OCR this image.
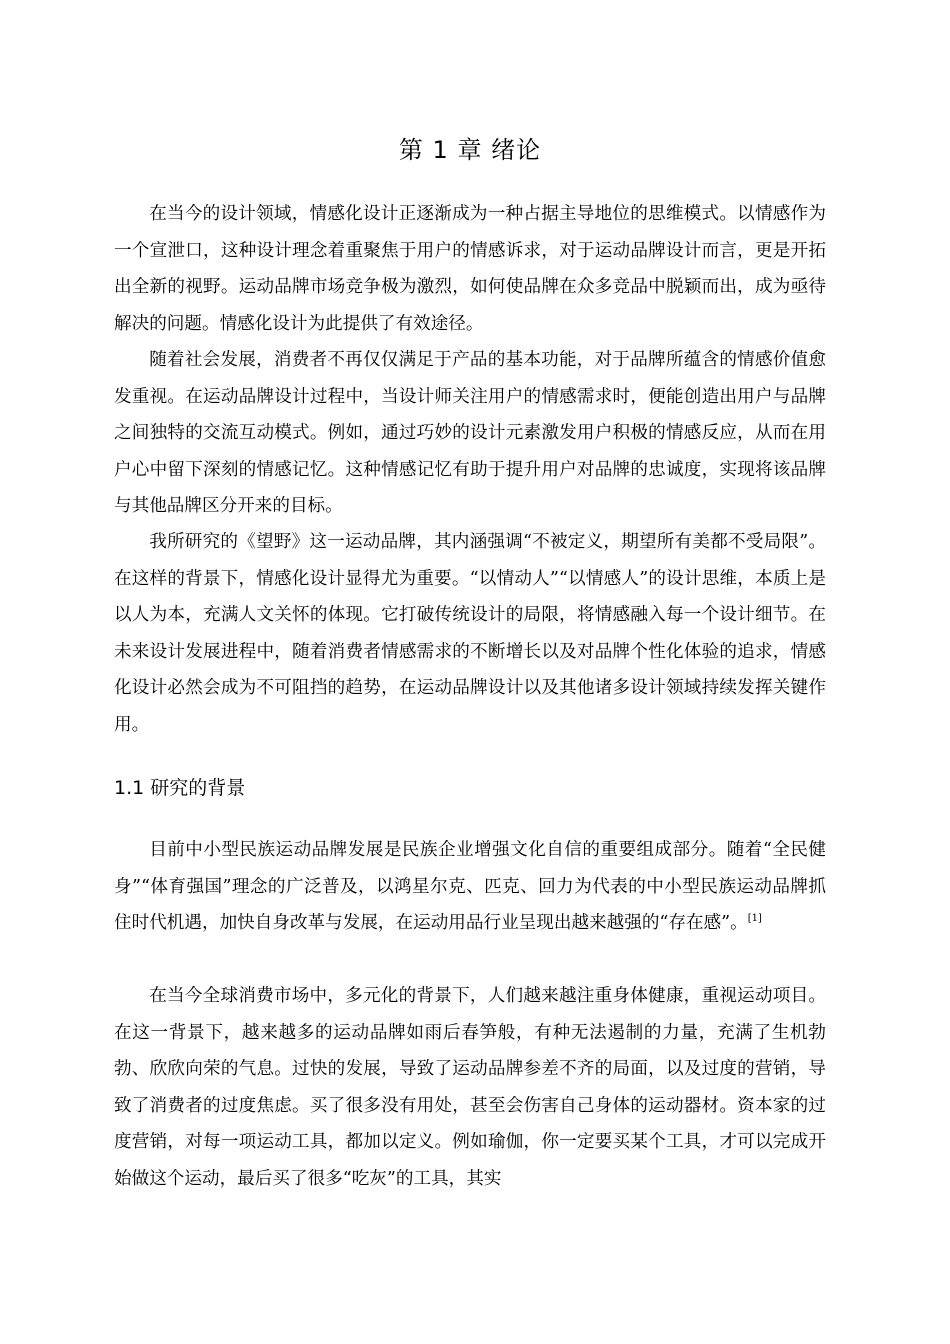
第 1 章 绪论

在当今的设计领域，情感化设计正逐渐成为一种占据主导地位的思维模式。以情感作为一个宣泄口，这种设计理念着重聚焦于用户的情感诉求，对于运动品牌设计而言，更是开拓出全新的视野。运动品牌市场竞争极为激烈，如何使品牌在众多竞品中脱颖而出，成为亟待解决的问题。情感化设计为此提供了有效途径。

随着社会发展，消费者不再仅仅满足于产品的基本功能，对于品牌所蕴含的情感价值愈发重视。在运动品牌设计过程中，当设计师关注用户的情感需求时，便能创造出用户与品牌之间独特的交流互动模式。例如，通过巧妙的设计元素激发用户积极的情感反应，从而在用户心中留下深刻的情感记忆。这种情感记忆有助于提升用户对品牌的忠诚度，实现将该品牌与其他品牌区分开来的目标。

我所研究的《望野》这一运动品牌，其内涵强调“不被定义，期望所有美都不受局限”。在这样的背景下，情感化设计显得尤为重要。“以情动人”“以情感人”的设计思维，本质上是以人为本，充满人文关怀的体现。它打破传统设计的局限，将情感融入每一个设计细节。在未来设计发展进程中，随着消费者情感需求的不断增长以及对品牌个性化体验的追求，情感化设计必然会成为不可阻挡的趋势，在运动品牌设计以及其他诸多设计领域持续发挥关键作用。

1.1 研究的背景

目前中小型民族运动品牌发展是民族企业增强文化自信的重要组成部分。随着“全民健身”“体育强国”理念的广泛普及，以鸿星尔克、匹克、回力为代表的中小型民族运动品牌抓住时代机遇，加快自身改革与发展，在运动用品行业呈现出越来越强的“存在感”。[1]

在当今全球消费市场中，多元化的背景下，人们越来越注重身体健康，重视运动项目。在这一背景下，越来越多的运动品牌如雨后春笋般，有种无法遏制的力量，充满了生机勃勃、欣欣向荣的气息。过快的发展，导致了运动品牌参差不齐的局面，以及过度的营销，导致了消费者的过度焦虑。买了很多没有用处，甚至会伤害自己身体的运动器材。资本家的过度营销，对每一项运动工具，都加以定义。例如瑜伽，你一定要买某个工具，才可以完成开始做这个运动，最后买了很多“吃灰”的工具，其实
